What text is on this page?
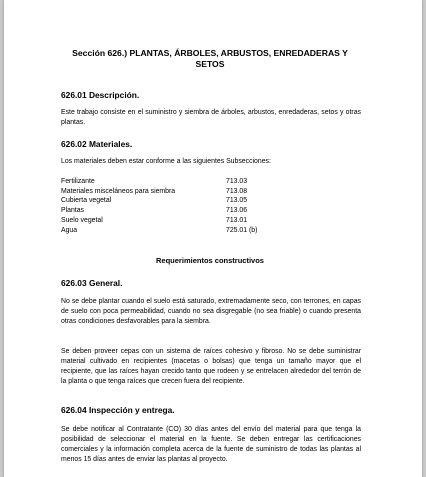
Sección 626.) PLANTAS, ÁRBOLES, ARBUSTOS, ENREDADERAS Y SETOS
626.01 Descripción.
Este trabajo consiste en el suministro y siembra de árboles, arbustos, enredaderas, setos y otras plantas.
626.02 Materiales.
Los materiales deben estar conforme a las siguientes Subsecciones:
Fertilizante	713.03
Materiales misceláneos para siembra	713.08
Cubierta vegetal	713.05
Plantas	713.06
Suelo vegetal	713.01
Agua	725.01 (b)
Requerimientos constructivos
626.03 General.
No se debe plantar cuando el suelo está saturado, extremadamente seco, con terrones, en capas de suelo con poca permeabilidad, cuando no sea disgregable (no sea friable) o cuando presenta otras condiciones desfavorables para la siembra.
Se deben proveer cepas con un sistema de raíces cohesivo y fibroso. No se debe suministrar material cultivado en recipientes (macetas o bolsas) que tenga un tamaño mayor que el recipiente, que las raíces hayan crecido tanto que rodeen y se entrelacen alrededor del terrón de la planta o que tenga raíces que crecen fuera del recipiente.
626.04 Inspección y entrega.
Se debe notificar al Contratante (CO) 30 días antes del envío del material para que tenga la posibilidad de seleccionar el material en la fuente. Se deben entregar las certificaciones comerciales y la información completa acerca de la fuente de suministro de todas las plantas al menos 15 días antes de enviar las plantas al proyecto.
